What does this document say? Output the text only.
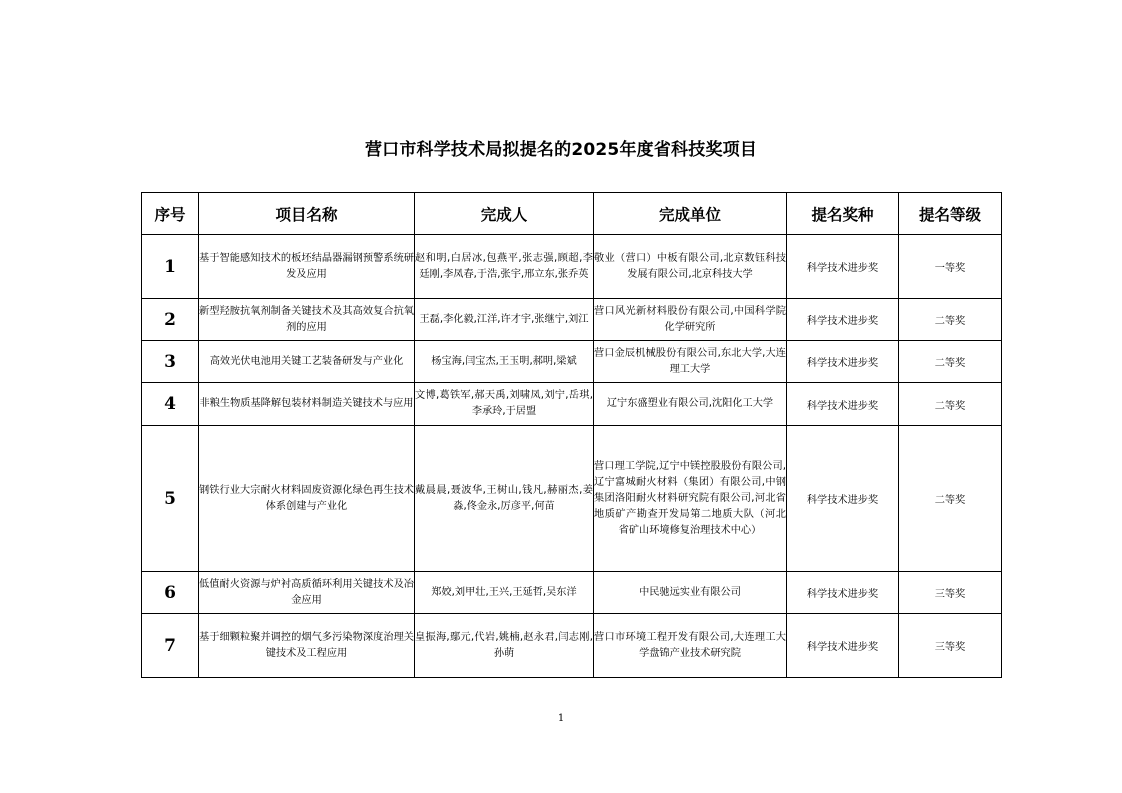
营口市科学技术局拟提名的2025年度省科技奖项目
序号	项目名称	完成人	完成单位	提名奖种	提名等级
1	基于智能感知技术的板坯结晶器漏钢预警系统研发及应用	赵和明,白居冰,包燕平,张志强,顾超,李廷刚,李凤春,于浩,张宇,邢立东,张乔英	敬业（营口）中板有限公司,北京数钰科技发展有限公司,北京科技大学	科学技术进步奖	一等奖
2	新型羟胺抗氧剂制备关键技术及其高效复合抗氧剂的应用	王磊,李化毅,江洋,许才宇,张继宁,刘江	营口风光新材料股份有限公司,中国科学院化学研究所	科学技术进步奖	二等奖
3	高效光伏电池用关键工艺装备研发与产业化	杨宝海,闫宝杰,王玉明,郝明,梁斌	营口金辰机械股份有限公司,东北大学,大连理工大学	科学技术进步奖	二等奖
4	非粮生物质基降解包装材料制造关键技术与应用	文博,葛铁军,郝天禹,刘啸凤,刘宁,岳琪,李承玲,于居盟	辽宁东盛塑业有限公司,沈阳化工大学	科学技术进步奖	二等奖
5	钢铁行业大宗耐火材料固废资源化绿色再生技术体系创建与产业化	戴晨晨,聂波华,王树山,钱凡,赫丽杰,姜淼,佟金永,厉彦平,何苗	营口理工学院,辽宁中镁控股股份有限公司,辽宁富城耐火材料（集团）有限公司,中钢集团洛阳耐火材料研究院有限公司,河北省地质矿产勘查开发局第二地质大队（河北省矿山环境修复治理技术中心）	科学技术进步奖	二等奖
6	低值耐火资源与炉衬高质循环利用关键技术及冶金应用	郑姣,刘甲壮,王兴,王延哲,吴东洋	中民驰远实业有限公司	科学技术进步奖	三等奖
7	基于细颗粒聚并调控的烟气多污染物深度治理关键技术及工程应用	皇振海,鄢元,代岩,姚楠,赵永君,闫志刚,孙萌	营口市环境工程开发有限公司,大连理工大学盘锦产业技术研究院	科学技术进步奖	三等奖
1
